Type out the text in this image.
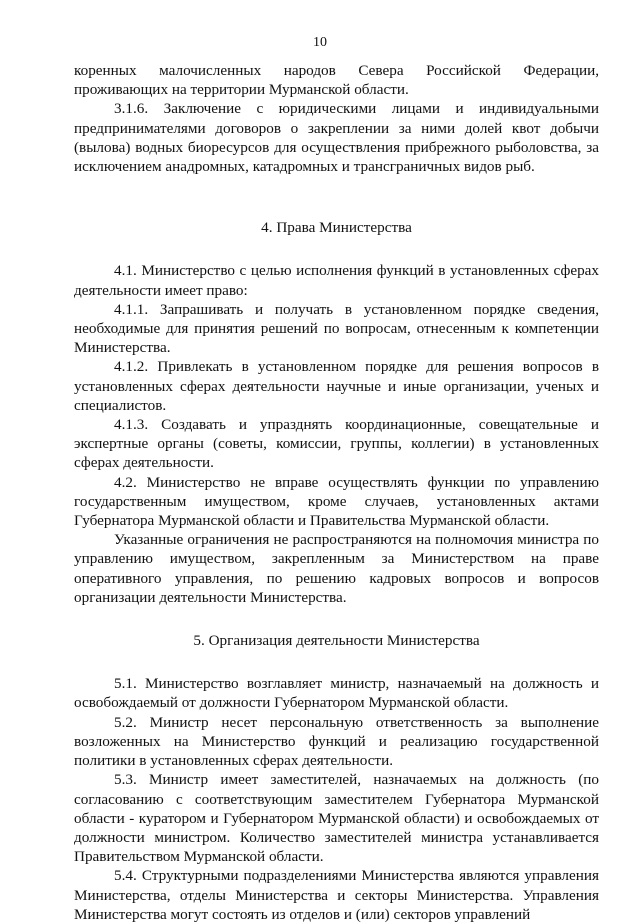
10

коренных малочисленных народов Севера Российской Федерации, проживающих на территории Мурманской области.

3.1.6. Заключение с юридическими лицами и индивидуальными предпринимателями договоров о закреплении за ними долей квот добычи (вылова) водных биоресурсов для осуществления прибрежного рыболовства, за исключением анадромных, катадромных и трансграничных видов рыб.

4. Права Министерства

4.1. Министерство с целью исполнения функций в установленных сферах деятельности имеет право:

4.1.1. Запрашивать и получать в установленном порядке сведения, необходимые для принятия решений по вопросам, отнесенным к компетенции Министерства.

4.1.2. Привлекать в установленном порядке для решения вопросов в установленных сферах деятельности научные и иные организации, ученых и специалистов.

4.1.3. Создавать и упразднять координационные, совещательные и экспертные органы (советы, комиссии, группы, коллегии) в установленных сферах деятельности.

4.2. Министерство не вправе осуществлять функции по управлению государственным имуществом, кроме случаев, установленных актами Губернатора Мурманской области и Правительства Мурманской области.

Указанные ограничения не распространяются на полномочия министра по управлению имуществом, закрепленным за Министерством на праве оперативного управления, по решению кадровых вопросов и вопросов организации деятельности Министерства.

5. Организация деятельности Министерства

5.1. Министерство возглавляет министр, назначаемый на должность и освобождаемый от должности Губернатором Мурманской области.

5.2. Министр несет персональную ответственность за выполнение возложенных на Министерство функций и реализацию государственной политики в установленных сферах деятельности.

5.3. Министр имеет заместителей, назначаемых на должность (по согласованию с соответствующим заместителем Губернатора Мурманской области - куратором и Губернатором Мурманской области) и освобождаемых от должности министром. Количество заместителей министра устанавливается Правительством Мурманской области.

5.4. Структурными подразделениями Министерства являются управления Министерства, отделы Министерства и секторы Министерства. Управления Министерства могут состоять из отделов и (или) секторов управлений
